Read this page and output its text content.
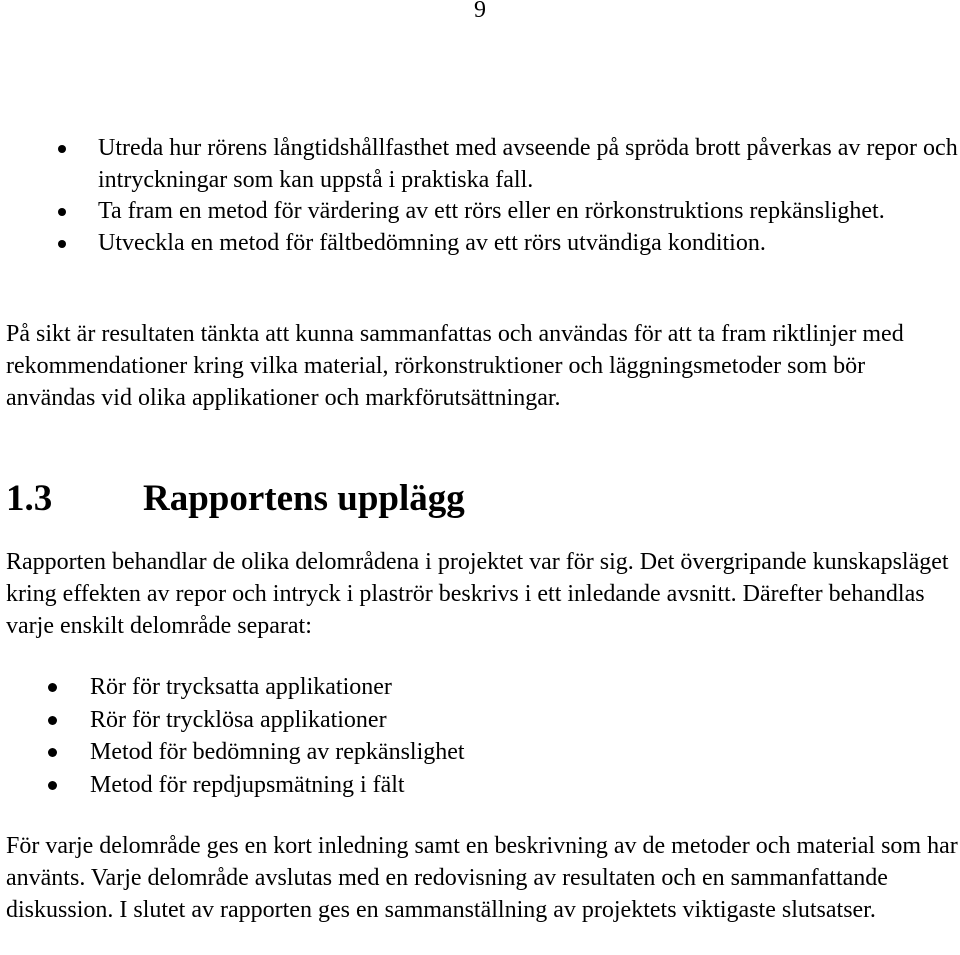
9
Utreda hur rörens långtidshållfasthet med avseende på spröda brott påverkas av repor och intryckningar som kan uppstå i praktiska fall.
Ta fram en metod för värdering av ett rörs eller en rörkonstruktions repkänslighet.
Utveckla en metod för fältbedömning av ett rörs utvändiga kondition.

På sikt är resultaten tänkta att kunna sammanfattas och användas för att ta fram riktlinjer med rekommendationer kring vilka material, rörkonstruktioner och läggningsmetoder som bör användas vid olika applikationer och markförutsättningar.

1.3 Rapportens upplägg

Rapporten behandlar de olika delområdena i projektet var för sig. Det övergripande kunskapsläget kring effekten av repor och intryck i plaströr beskrivs i ett inledande avsnitt. Därefter behandlas varje enskilt delområde separat:

Rör för trycksatta applikationer
Rör för trycklösa applikationer
Metod för bedömning av repkänslighet
Metod för repdjupsmätning i fält

För varje delområde ges en kort inledning samt en beskrivning av de metoder och material som har använts. Varje delområde avslutas med en redovisning av resultaten och en sammanfattande diskussion. I slutet av rapporten ges en sammanställning av projektets viktigaste slutsatser.
